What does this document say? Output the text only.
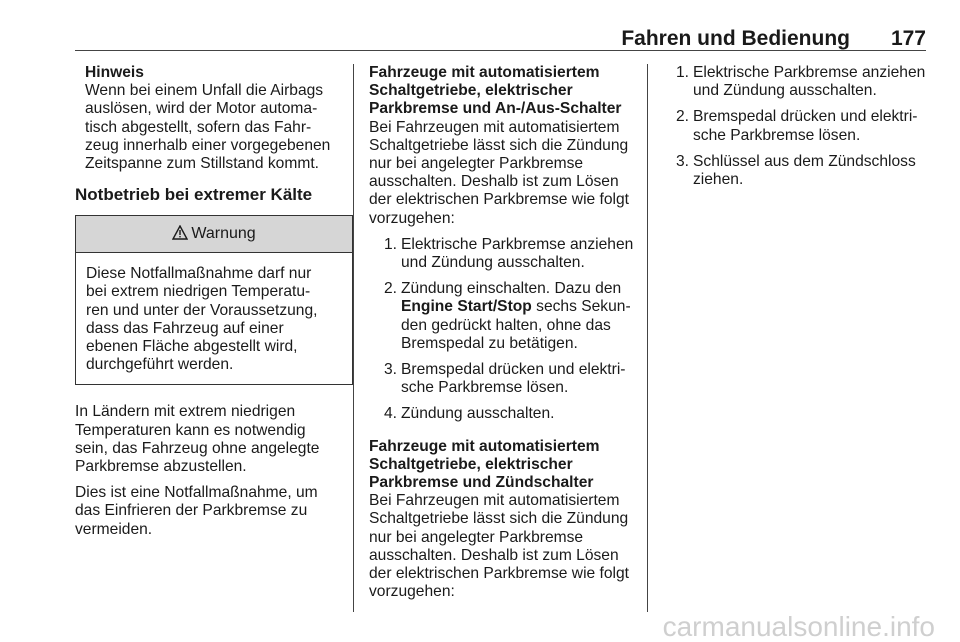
Fahren und Bedienung	177
Hinweis
Wenn bei einem Unfall die Airbags
auslösen, wird der Motor automa-
tisch abgestellt, sofern das Fahr-
zeug innerhalb einer vorgegebenen
Zeitspanne zum Stillstand kommt.
Notbetrieb bei extremer Kälte
Warnung
Diese Notfallmaßnahme darf nur
bei extrem niedrigen Temperatu-
ren und unter der Voraussetzung,
dass das Fahrzeug auf einer
ebenen Fläche abgestellt wird,
durchgeführt werden.

In Ländern mit extrem niedrigen
Temperaturen kann es notwendig
sein, das Fahrzeug ohne angelegte
Parkbremse abzustellen.

Dies ist eine Notfallmaßnahme, um
das Einfrieren der Parkbremse zu
vermeiden.

Fahrzeuge mit automatisiertem
Schaltgetriebe, elektrischer
Parkbremse und An-/Aus-Schalter

Bei Fahrzeugen mit automatisiertem
Schaltgetriebe lässt sich die Zündung
nur bei angelegter Parkbremse
ausschalten. Deshalb ist zum Lösen
der elektrischen Parkbremse wie folgt
vorzugehen:

1. Elektrische Parkbremse anziehen
und Zündung ausschalten.
2. Zündung einschalten. Dazu den
Engine Start/Stop sechs Sekun-
den gedrückt halten, ohne das
Bremspedal zu betätigen.
3. Bremspedal drücken und elektri-
sche Parkbremse lösen.
4. Zündung ausschalten.
Fahrzeuge mit automatisiertem
Schaltgetriebe, elektrischer
Parkbremse und Zündschalter

Bei Fahrzeugen mit automatisiertem
Schaltgetriebe lässt sich die Zündung
nur bei angelegter Parkbremse
ausschalten. Deshalb ist zum Lösen
der elektrischen Parkbremse wie folgt
vorzugehen:

1. Elektrische Parkbremse anziehen
und Zündung ausschalten.
2. Bremspedal drücken und elektri-
sche Parkbremse lösen.
3. Schlüssel aus dem Zündschloss
ziehen.
carmanualsonline.info
